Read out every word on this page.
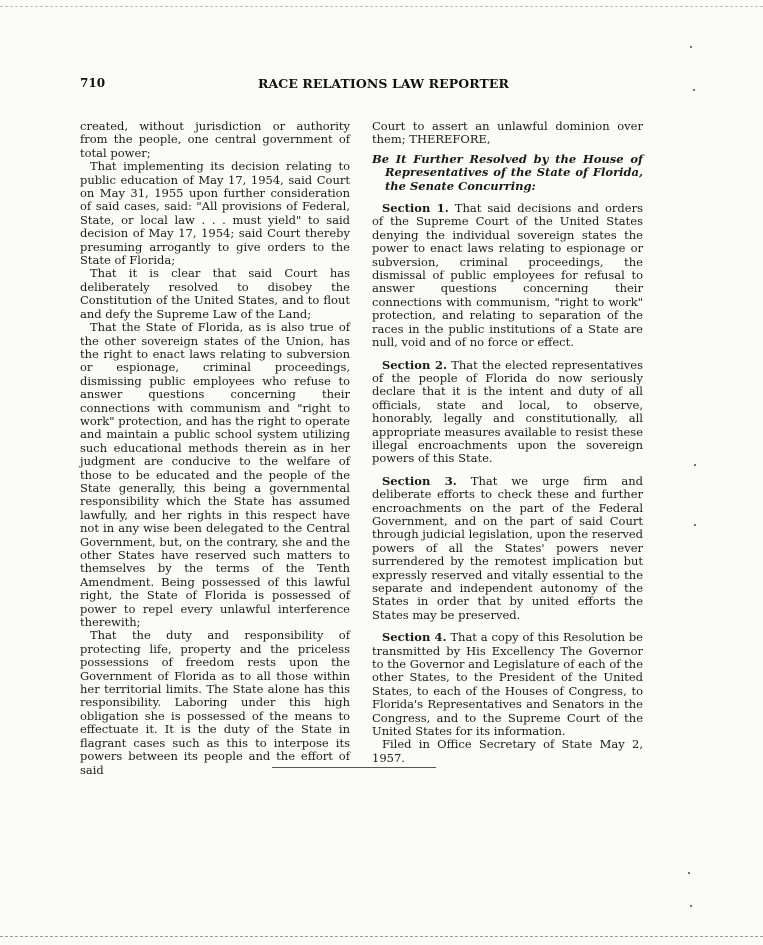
710	RACE RELATIONS LAW REPORTER

created, without jurisdiction or authority from the people, one central government of total power;

That implementing its decision relating to public education of May 17, 1954, said Court on May 31, 1955 upon further consideration of said cases, said: "All provisions of Federal, State, or local law . . . must yield" to said decision of May 17, 1954; said Court thereby presuming arrogantly to give orders to the State of Florida;

That it is clear that said Court has deliberately resolved to disobey the Constitution of the United States, and to flout and defy the Supreme Law of the Land;

That the State of Florida, as is also true of the other sovereign states of the Union, has the right to enact laws relating to subversion or espionage, criminal proceedings, dismissing public employees who refuse to answer questions concerning their connections with communism and "right to work" protection, and has the right to operate and maintain a public school system utilizing such educational methods therein as in her judgment are conducive to the welfare of those to be educated and the people of the State generally, this being a governmental responsibility which the State has assumed lawfully, and her rights in this respect have not in any wise been delegated to the Central Government, but, on the contrary, she and the other States have reserved such matters to themselves by the terms of the Tenth Amendment. Being possessed of this lawful right, the State of Florida is possessed of power to repel every unlawful interference therewith;

That the duty and responsibility of protecting life, property and the priceless possessions of freedom rests upon the Government of Florida as to all those within her territorial limits. The State alone has this responsibility. Laboring under this high obligation she is possessed of the means to effectuate it. It is the duty of the State in flagrant cases such as this to interpose its powers between its people and the effort of said

Court to assert an unlawful dominion over them; THEREFORE,

Be It Further Resolved by the House of Representatives of the State of Florida, the Senate Concurring:

Section 1. That said decisions and orders of the Supreme Court of the United States denying the individual sovereign states the power to enact laws relating to espionage or subversion, criminal proceedings, the dismissal of public employees for refusal to answer questions concerning their connections with communism, "right to work" protection, and relating to separation of the races in the public institutions of a State are null, void and of no force or effect.

Section 2. That the elected representatives of the people of Florida do now seriously declare that it is the intent and duty of all officials, state and local, to observe, honorably, legally and constitutionally, all appropriate measures available to resist these illegal encroachments upon the sovereign powers of this State.

Section 3. That we urge firm and deliberate efforts to check these and further encroachments on the part of the Federal Government, and on the part of said Court through judicial legislation, upon the reserved powers of all the States' powers never surrendered by the remotest implication but expressly reserved and vitally essential to the separate and independent autonomy of the States in order that by united efforts the States may be preserved.

Section 4. That a copy of this Resolution be transmitted by His Excellency The Governor to the Governor and Legislature of each of the other States, to the President of the United States, to each of the Houses of Congress, to Florida's Representatives and Senators in the Congress, and to the Supreme Court of the United States for its information.

Filed in Office Secretary of State May 2, 1957.
